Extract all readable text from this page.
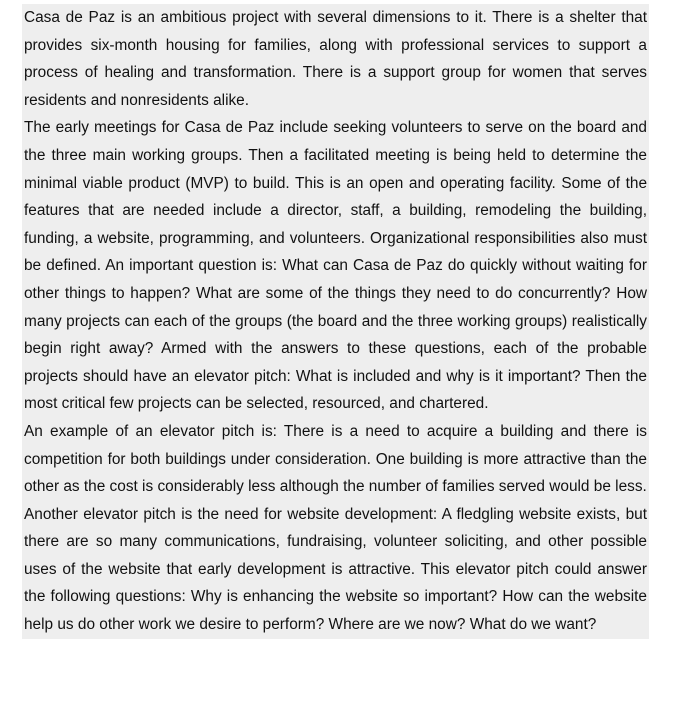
Casa de Paz is an ambitious project with several dimensions to it. There is a shelter that provides six-month housing for families, along with professional services to support a process of healing and transformation. There is a support group for women that serves residents and nonresidents alike.

The early meetings for Casa de Paz include seeking volunteers to serve on the board and the three main working groups. Then a facilitated meeting is being held to determine the minimal viable product (MVP) to build. This is an open and operating facility. Some of the features that are needed include a director, staff, a building, remodeling the building, funding, a website, programming, and volunteers. Organizational responsibilities also must be defined. An important question is: What can Casa de Paz do quickly without waiting for other things to happen? What are some of the things they need to do concurrently? How many projects can each of the groups (the board and the three working groups) realistically begin right away? Armed with the answers to these questions, each of the probable projects should have an elevator pitch: What is included and why is it important? Then the most critical few projects can be selected, resourced, and chartered.

An example of an elevator pitch is: There is a need to acquire a building and there is competition for both buildings under consideration. One building is more attractive than the other as the cost is considerably less although the number of families served would be less.

Another elevator pitch is the need for website development: A fledgling website exists, but there are so many communications, fundraising, volunteer soliciting, and other possible uses of the website that early development is attractive. This elevator pitch could answer the following questions: Why is enhancing the website so important? How can the website help us do other work we desire to perform? Where are we now? What do we want?
